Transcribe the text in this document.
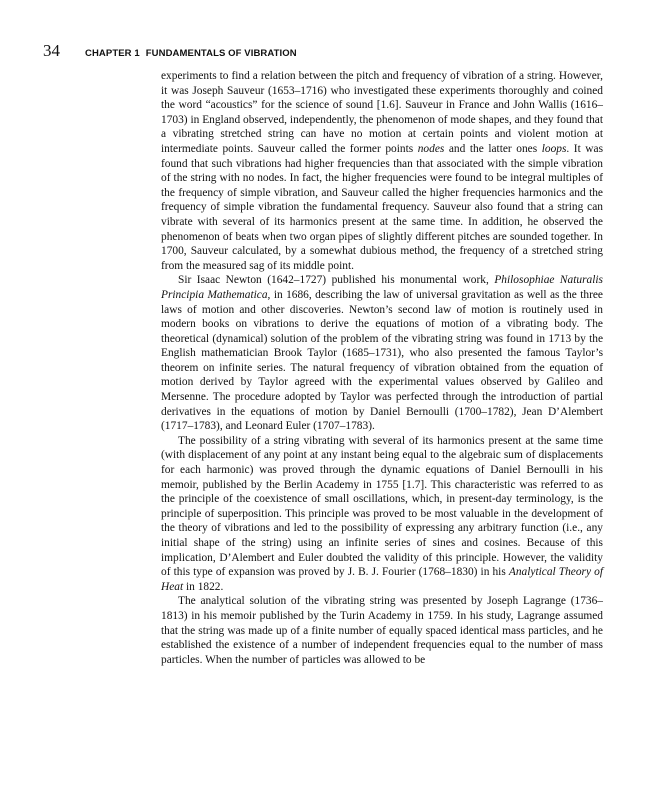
34	CHAPTER 1 FUNDAMENTALS OF VIBRATION

experiments to find a relation between the pitch and frequency of vibration of a string. However, it was Joseph Sauveur (1653–1716) who investigated these experiments thoroughly and coined the word “acoustics” for the science of sound [1.6]. Sauveur in France and John Wallis (1616–1703) in England observed, independently, the phenomenon of mode shapes, and they found that a vibrating stretched string can have no motion at certain points and violent motion at intermediate points. Sauveur called the former points nodes and the latter ones loops. It was found that such vibrations had higher frequencies than that associated with the simple vibration of the string with no nodes. In fact, the higher frequencies were found to be integral multiples of the frequency of simple vibration, and Sauveur called the higher frequencies harmonics and the frequency of simple vibration the fundamental frequency. Sauveur also found that a string can vibrate with several of its harmonics present at the same time. In addition, he observed the phenomenon of beats when two organ pipes of slightly different pitches are sounded together. In 1700, Sauveur calculated, by a somewhat dubious method, the frequency of a stretched string from the measured sag of its middle point.

Sir Isaac Newton (1642–1727) published his monumental work, Philosophiae Naturalis Principia Mathematica, in 1686, describing the law of universal gravitation as well as the three laws of motion and other discoveries. Newton’s second law of motion is routinely used in modern books on vibrations to derive the equations of motion of a vibrating body. The theoretical (dynamical) solution of the problem of the vibrating string was found in 1713 by the English mathematician Brook Taylor (1685–1731), who also presented the famous Taylor’s theorem on infinite series. The natural frequency of vibration obtained from the equation of motion derived by Taylor agreed with the experimental values observed by Galileo and Mersenne. The procedure adopted by Taylor was perfected through the introduction of partial derivatives in the equations of motion by Daniel Bernoulli (1700–1782), Jean D’Alembert (1717–1783), and Leonard Euler (1707–1783).

The possibility of a string vibrating with several of its harmonics present at the same time (with displacement of any point at any instant being equal to the algebraic sum of displacements for each harmonic) was proved through the dynamic equations of Daniel Bernoulli in his memoir, published by the Berlin Academy in 1755 [1.7]. This characteristic was referred to as the principle of the coexistence of small oscillations, which, in present-day terminology, is the principle of superposition. This principle was proved to be most valuable in the development of the theory of vibrations and led to the possibility of expressing any arbitrary function (i.e., any initial shape of the string) using an infinite series of sines and cosines. Because of this implication, D’Alembert and Euler doubted the validity of this principle. However, the validity of this type of expansion was proved by J. B. J. Fourier (1768–1830) in his Analytical Theory of Heat in 1822.

The analytical solution of the vibrating string was presented by Joseph Lagrange (1736–1813) in his memoir published by the Turin Academy in 1759. In his study, Lagrange assumed that the string was made up of a finite number of equally spaced identical mass particles, and he established the existence of a number of independent frequencies equal to the number of mass particles. When the number of particles was allowed to be
